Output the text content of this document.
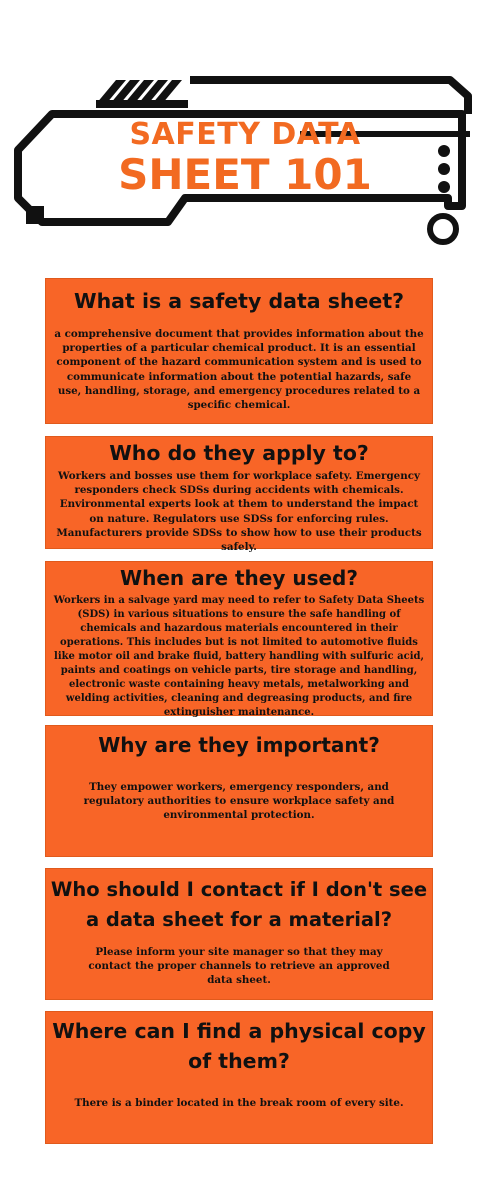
SAFETY DATA
SHEET 101
What is a safety data sheet?

a comprehensive document that provides information about the properties of a particular chemical product. It is an essential component of the hazard communication system and is used to communicate information about the potential hazards, safe use, handling, storage, and emergency procedures related to a specific chemical.

Who do they apply to?

Workers and bosses use them for workplace safety. Emergency responders check SDSs during accidents with chemicals. Environmental experts look at them to understand the impact on nature. Regulators use SDSs for enforcing rules. Manufacturers provide SDSs to show how to use their products safely.

When are they used?

Workers in a salvage yard may need to refer to Safety Data Sheets (SDS) in various situations to ensure the safe handling of chemicals and hazardous materials encountered in their operations. This includes but is not limited to automotive fluids like motor oil and brake fluid, battery handling with sulfuric acid, paints and coatings on vehicle parts, tire storage and handling, electronic waste containing heavy metals, metalworking and welding activities, cleaning and degreasing products, and fire extinguisher maintenance.

Why are they important?

They empower workers, emergency responders, and regulatory authorities to ensure workplace safety and environmental protection.

Who should I contact if I don't see a data sheet for a material?

Please inform your site manager so that they may contact the proper channels to retrieve an approved data sheet.

Where can I find a physical copy of them?

There is a binder located in the break room of every site.
